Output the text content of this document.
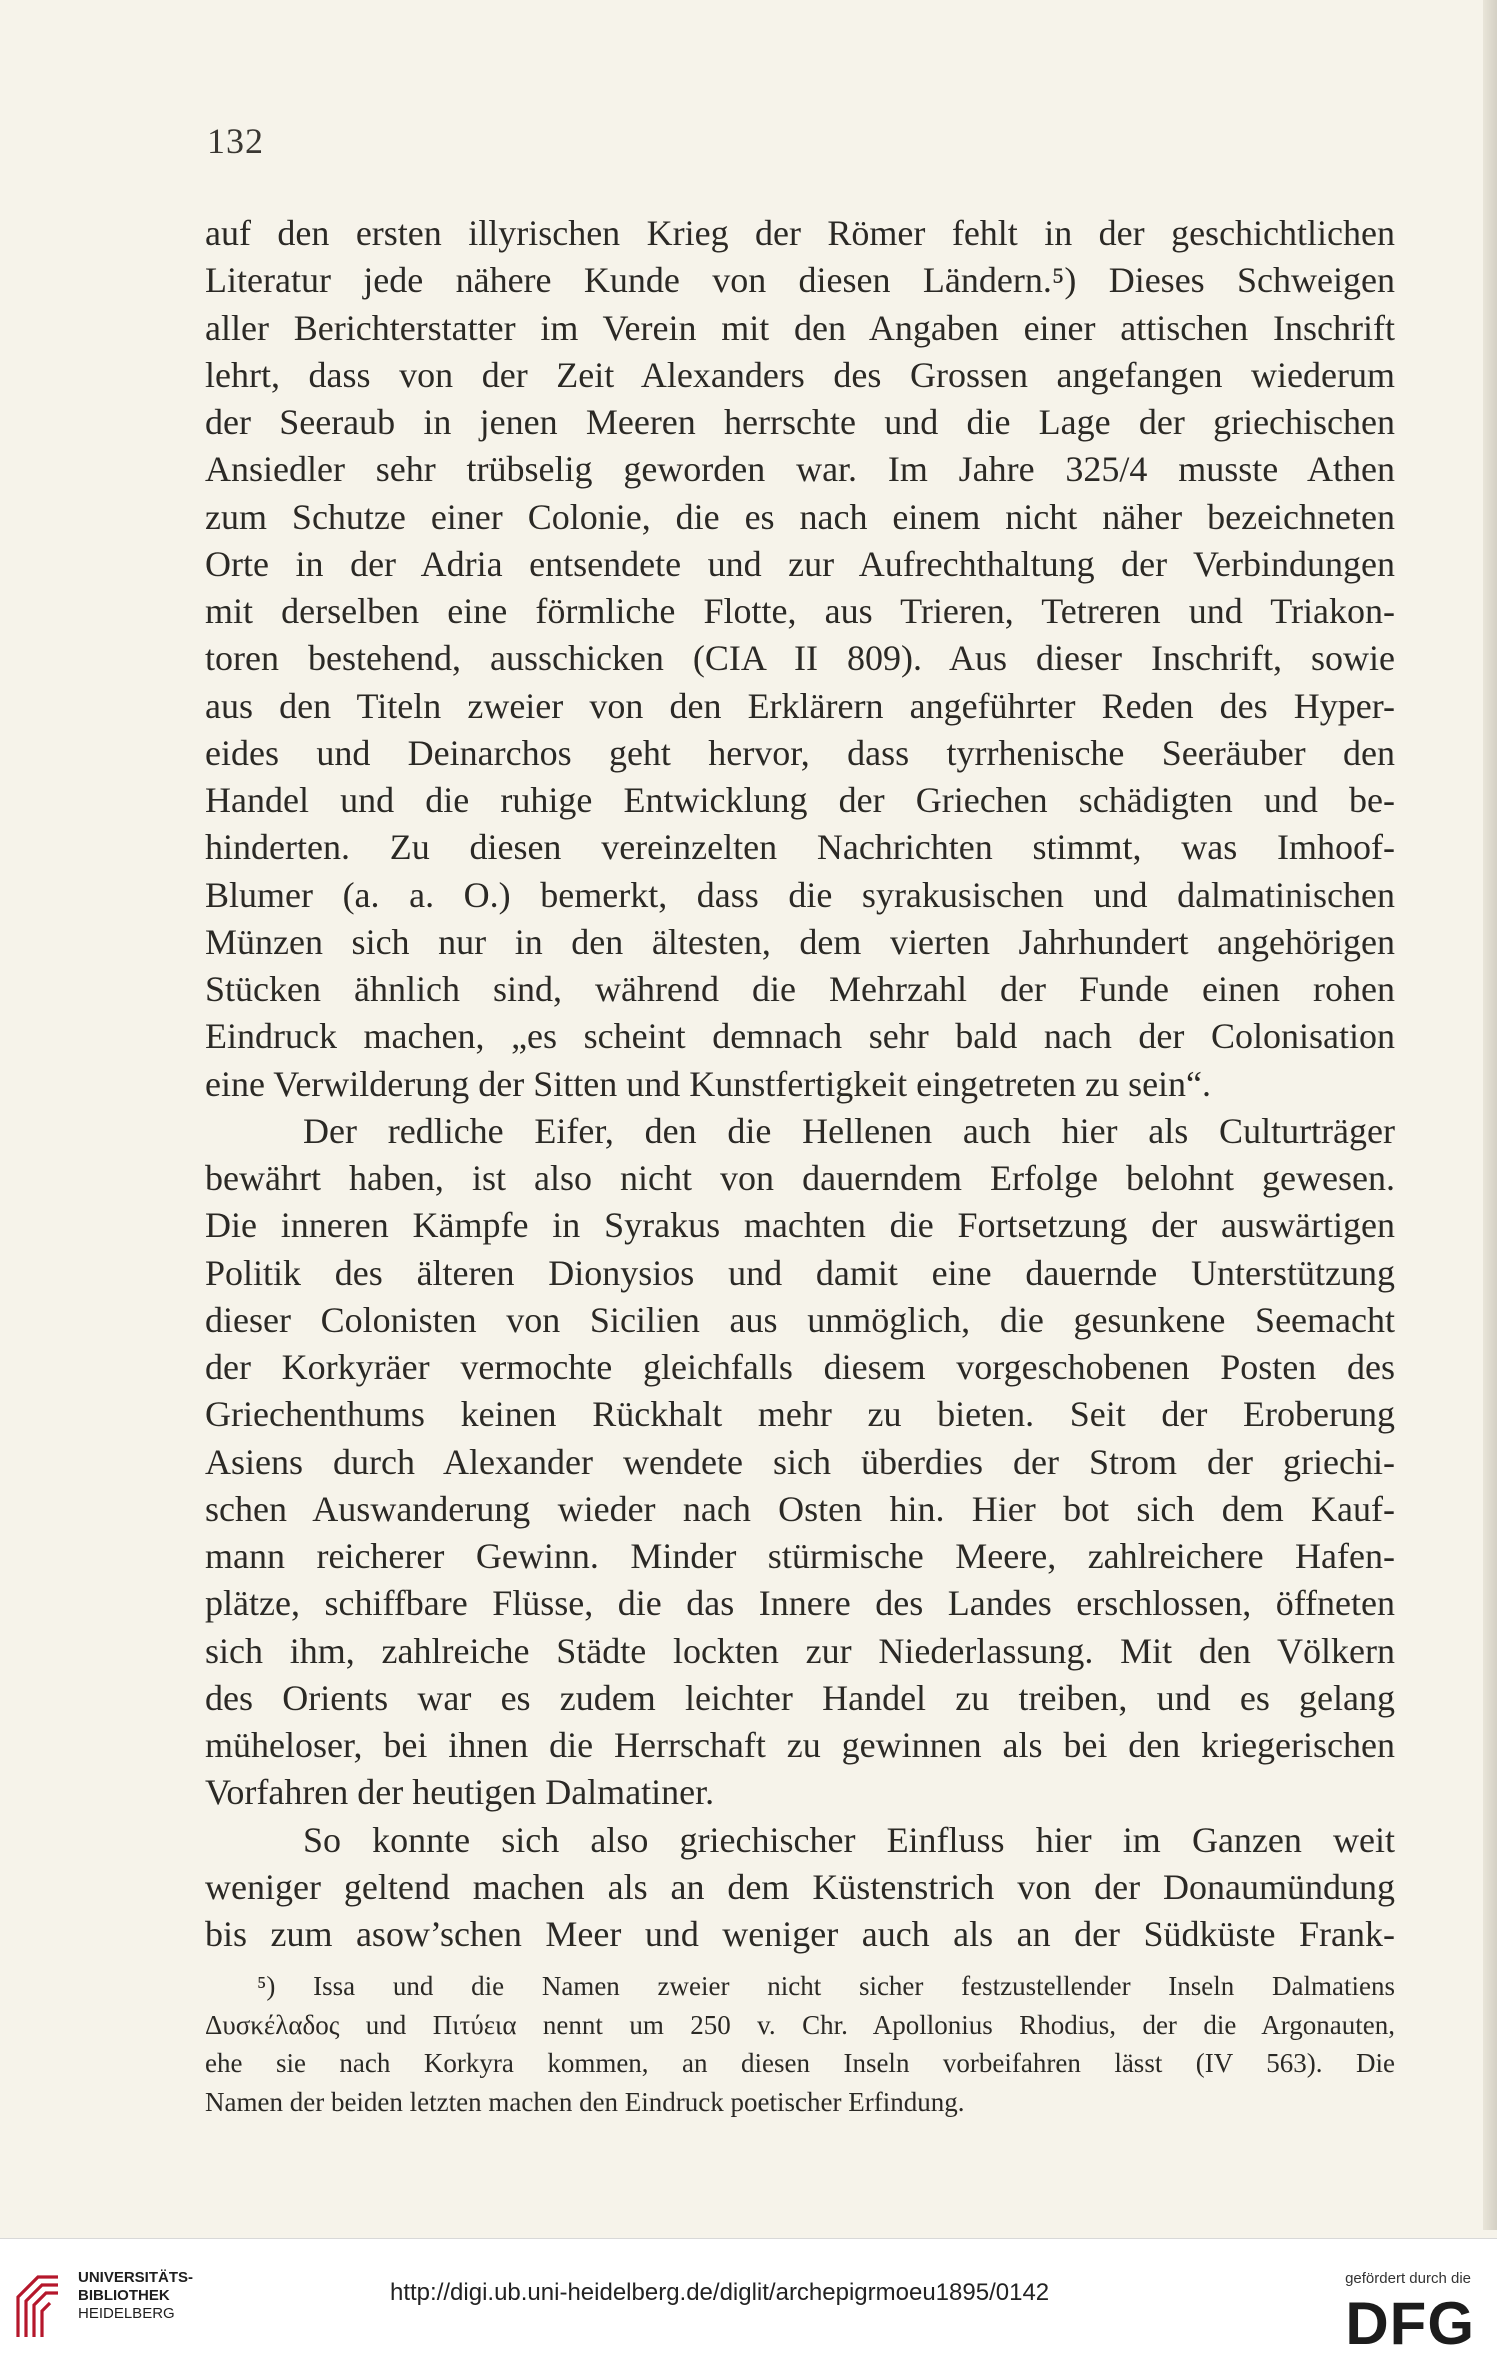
132
auf den ersten illyrischen Krieg der Römer fehlt in der geschichtlichen
Literatur jede nähere Kunde von diesen Ländern.⁵) Dieses Schweigen
aller Berichterstatter im Verein mit den Angaben einer attischen Inschrift
lehrt, dass von der Zeit Alexanders des Grossen angefangen wiederum
der Seeraub in jenen Meeren herrschte und die Lage der griechischen
Ansiedler sehr trübselig geworden war. Im Jahre 325/4 musste Athen
zum Schutze einer Colonie, die es nach einem nicht näher bezeichneten
Orte in der Adria entsendete und zur Aufrechthaltung der Verbindungen
mit derselben eine förmliche Flotte, aus Trieren, Tetreren und Triakon-
toren bestehend, ausschicken (CIA II 809). Aus dieser Inschrift, sowie
aus den Titeln zweier von den Erklärern angeführter Reden des Hyper-
eides und Deinarchos geht hervor, dass tyrrhenische Seeräuber den
Handel und die ruhige Entwicklung der Griechen schädigten und be-
hinderten. Zu diesen vereinzelten Nachrichten stimmt, was Imhoof-
Blumer (a. a. O.) bemerkt, dass die syrakusischen und dalmatinischen
Münzen sich nur in den ältesten, dem vierten Jahrhundert angehörigen
Stücken ähnlich sind, während die Mehrzahl der Funde einen rohen
Eindruck machen, „es scheint demnach sehr bald nach der Colonisation
eine Verwilderung der Sitten und Kunstfertigkeit eingetreten zu sein“.
Der redliche Eifer, den die Hellenen auch hier als Culturträger
bewährt haben, ist also nicht von dauerndem Erfolge belohnt gewesen.
Die inneren Kämpfe in Syrakus machten die Fortsetzung der auswärtigen
Politik des älteren Dionysios und damit eine dauernde Unterstützung
dieser Colonisten von Sicilien aus unmöglich, die gesunkene Seemacht
der Korkyräer vermochte gleichfalls diesem vorgeschobenen Posten des
Griechenthums keinen Rückhalt mehr zu bieten. Seit der Eroberung
Asiens durch Alexander wendete sich überdies der Strom der griechi-
schen Auswanderung wieder nach Osten hin. Hier bot sich dem Kauf-
mann reicherer Gewinn. Minder stürmische Meere, zahlreichere Hafen-
plätze, schiffbare Flüsse, die das Innere des Landes erschlossen, öffneten
sich ihm, zahlreiche Städte lockten zur Niederlassung. Mit den Völkern
des Orients war es zudem leichter Handel zu treiben, und es gelang
müheloser, bei ihnen die Herrschaft zu gewinnen als bei den kriegerischen
Vorfahren der heutigen Dalmatiner.
So konnte sich also griechischer Einfluss hier im Ganzen weit
weniger geltend machen als an dem Küstenstrich von der Donaumündung
bis zum asow’schen Meer und weniger auch als an der Südküste Frank-
⁵) Issa und die Namen zweier nicht sicher festzustellender Inseln Dalmatiens
Δυσκέλαδος und Πιτύεια nennt um 250 v. Chr. Apollonius Rhodius, der die Argonauten,
ehe sie nach Korkyra kommen, an diesen Inseln vorbeifahren lässt (IV 563). Die
Namen der beiden letzten machen den Eindruck poetischer Erfindung.
UNIVERSITÄTS-
BIBLIOTHEK
HEIDELBERG
http://digi.ub.uni-heidelberg.de/diglit/archepigrmoeu1895/0142
gefördert durch die
DFG
